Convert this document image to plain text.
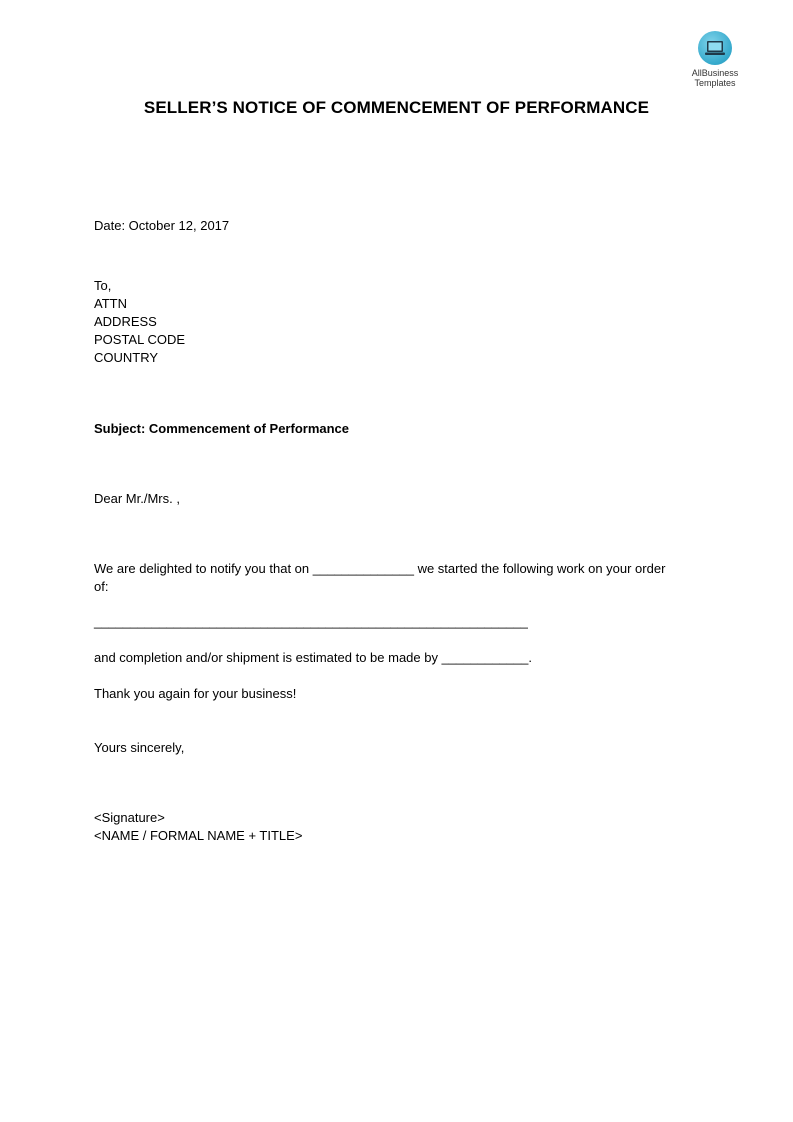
AllBusiness
Templates
SELLER’S NOTICE OF COMMENCEMENT OF PERFORMANCE
Date: October 12, 2017
To,
ATTN
ADDRESS
POSTAL CODE
COUNTRY
Subject: Commencement of Performance
Dear Mr./Mrs. ,
We are delighted to notify you that on ______________ we started the following work on your order
of:
____________________________________________________________
and completion and/or shipment is estimated to be made by ____________.
Thank you again for your business!
Yours sincerely,
<Signature>
<NAME / FORMAL NAME + TITLE>
